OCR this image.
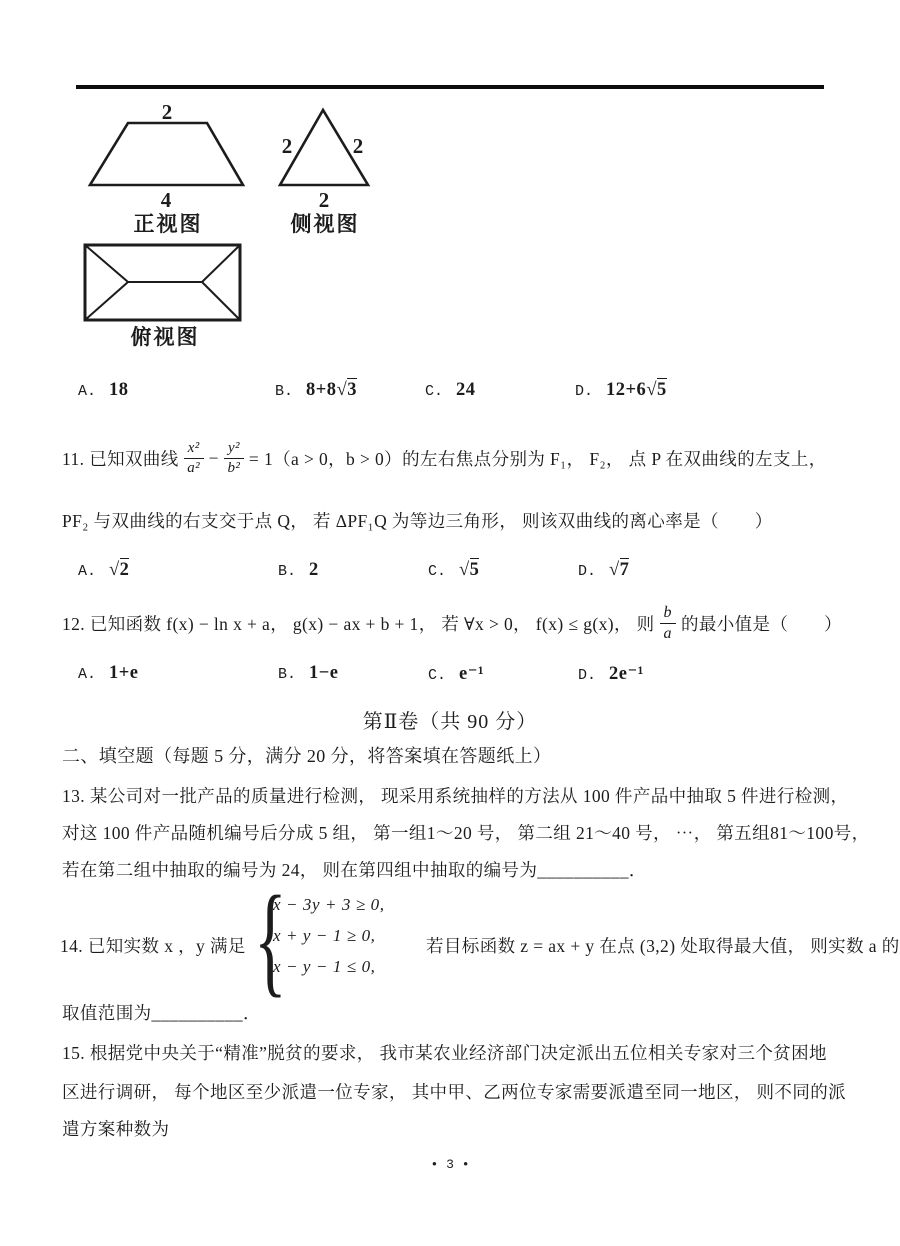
2
4
正视图
2	2
2
侧视图
俯视图
A. 18	B. 8+8√3	C. 24	D. 12+6√5
11. 已知双曲线 $\frac{\text{x²}}{\text{a²}} - \frac{\text{y²}}{\text{b²}} = 1(a > 0$，b > 0）的左右焦点分别为 F₁， F₂， 点 P 在双曲线的左支上，
PF₂ 与双曲线的右支交于点 Q， 若 ΔPF₁Q 为等边三角形， 则该双曲线的离心率是（　　）
A. √2	B. 2	C. √5	D. √7
12. 已知函数 f(x) − ln x + a， g(x) − ax + b + 1， 若 ∀x > 0， f(x) ≤ g(x)， 则 $\frac{b}{a}$ 的最小值是（　　）
A. 1+e	B. 1−e	C. e⁻¹	D. 2e⁻¹
第Ⅱ卷（共 90 分）
二、填空题（每题 5 分，满分 20 分，将答案填在答题纸上）
13. 某公司对一批产品的质量进行检测， 现采用系统抽样的方法从 100 件产品中抽取 5 件进行检测，
对这 100 件产品随机编号后分成 5 组， 第一组1～20 号， 第二组 21～40 号， ⋯， 第五组81～100号，
若在第二组中抽取的编号为 24， 则在第四组中抽取的编号为__________．
14. 已知实数 x ，y 满足 {
x − 3y + 3 ≥ 0,
x + y − 1 ≥ 0,
x − y − 1 ≤ 0,
若目标函数 z = ax + y 在点 (3,2) 处取得最大值， 则实数 a 的
取值范围为__________．
15. 根据党中央关于“精准”脱贫的要求， 我市某农业经济部门决定派出五位相关专家对三个贫困地
区进行调研， 每个地区至少派遣一位专家， 其中甲、乙两位专家需要派遣至同一地区， 则不同的派
遣方案种数为
• 3 •
